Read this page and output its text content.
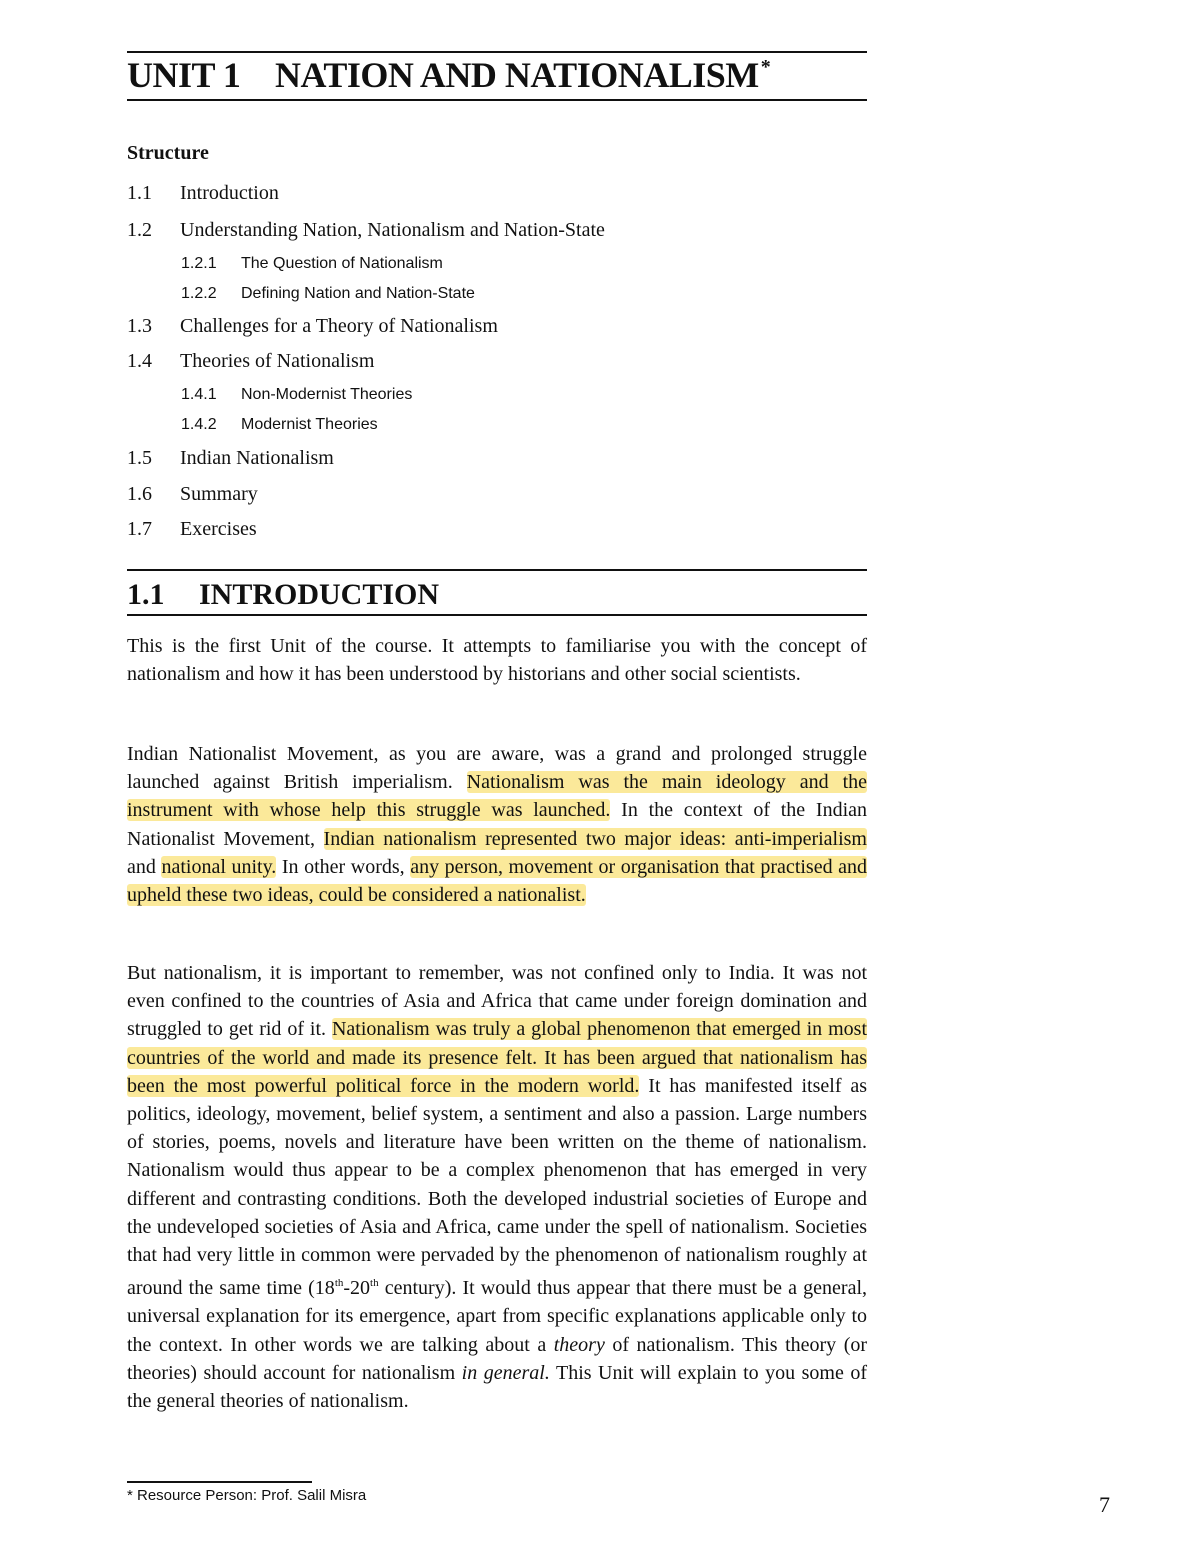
UNIT 1 NATION AND NATIONALISM *
Structure
1.1 Introduction
1.2 Understanding Nation, Nationalism and Nation-State
1.2.1 The Question of Nationalism
1.2.2 Defining Nation and Nation-State
1.3 Challenges for a Theory of Nationalism
1.4 Theories of Nationalism
1.4.1 Non-Modernist Theories
1.4.2 Modernist Theories
1.5 Indian Nationalism
1.6 Summary
1.7 Exercises
1.1 INTRODUCTION
This is the first Unit of the course. It attempts to familiarise you with the concept of nationalism and how it has been understood by historians and other social scientists.
Indian Nationalist Movement, as you are aware, was a grand and prolonged struggle launched against British imperialism. Nationalism was the main ideology and the instrument with whose help this struggle was launched. In the context of the Indian Nationalist Movement, Indian nationalism represented two major ideas: anti-imperialism and national unity. In other words, any person, movement or organisation that practised and upheld these two ideas, could be considered a nationalist.
But nationalism, it is important to remember, was not confined only to India. It was not even confined to the countries of Asia and Africa that came under foreign domination and struggled to get rid of it. Nationalism was truly a global phenomenon that emerged in most countries of the world and made its presence felt. It has been argued that nationalism has been the most powerful political force in the modern world. It has manifested itself as politics, ideology, movement, belief system, a sentiment and also a passion. Large numbers of stories, poems, novels and literature have been written on the theme of nationalism. Nationalism would thus appear to be a complex phenomenon that has emerged in very different and contrasting conditions. Both the developed industrial societies of Europe and the undeveloped societies of Asia and Africa, came under the spell of nationalism. Societies that had very little in common were pervaded by the phenomenon of nationalism roughly at around the same time (18th-20th century). It would thus appear that there must be a general, universal explanation for its emergence, apart from specific explanations applicable only to the context. In other words we are talking about a theory of nationalism. This theory (or theories) should account for nationalism in general. This Unit will explain to you some of the general theories of nationalism.
* Resource Person: Prof. Salil Misra	7
